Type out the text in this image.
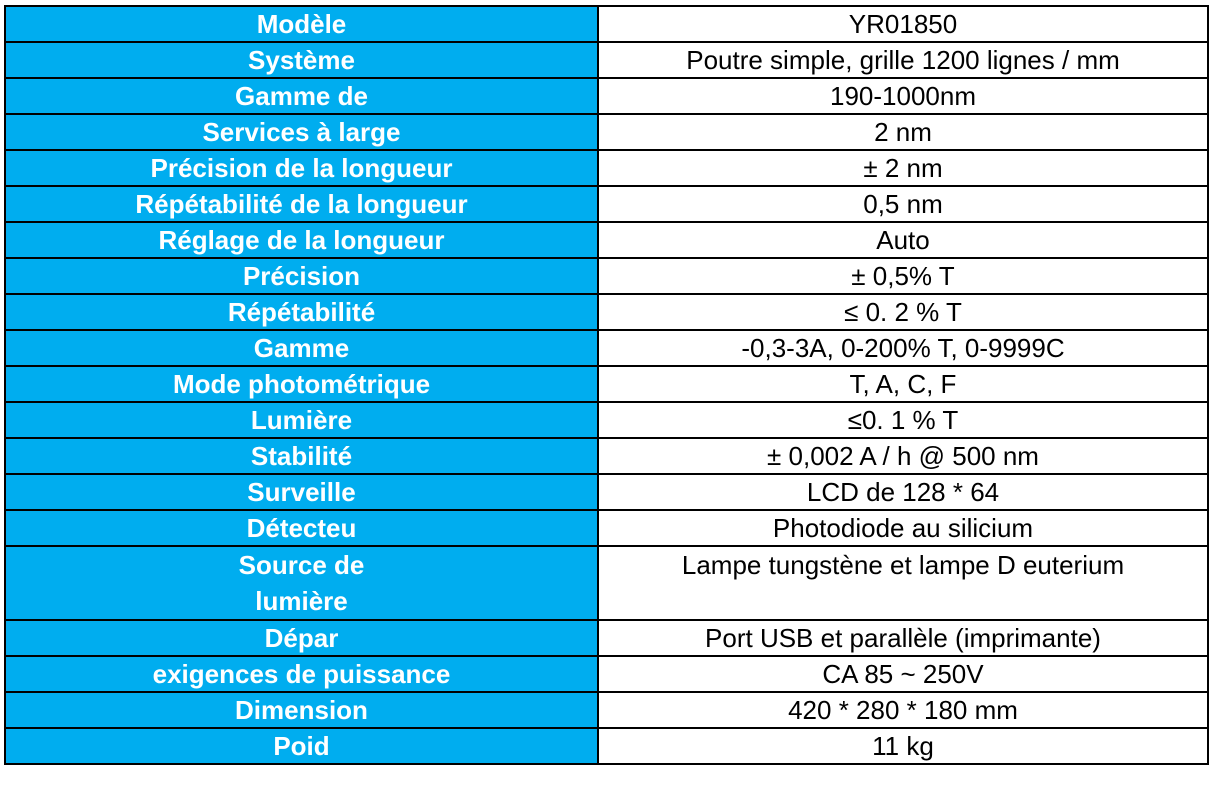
Modèle	YR01850
Système	Poutre simple, grille 1200 lignes / mm
Gamme de	190-1000nm
Services à large	2 nm
Précision de la longueur	± 2 nm
Répétabilité de la longueur	0,5 nm
Réglage de la longueur	Auto
Précision	± 0,5% T
Répétabilité	≤ 0. 2 % T
Gamme	-0,3-3A, 0-200% T, 0-9999C
Mode photométrique	T, A, C, F
Lumière	≤0. 1 % T
Stabilité	± 0,002 A / h @ 500 nm
Surveille	LCD de 128 * 64
Détecteu	Photodiode au silicium
Source de lumière	Lampe tungstène et lampe D euterium
Dépar	Port USB et parallèle (imprimante)
exigences de puissance	CA 85 ~ 250V
Dimension	420 * 280 * 180 mm
Poid	11 kg
